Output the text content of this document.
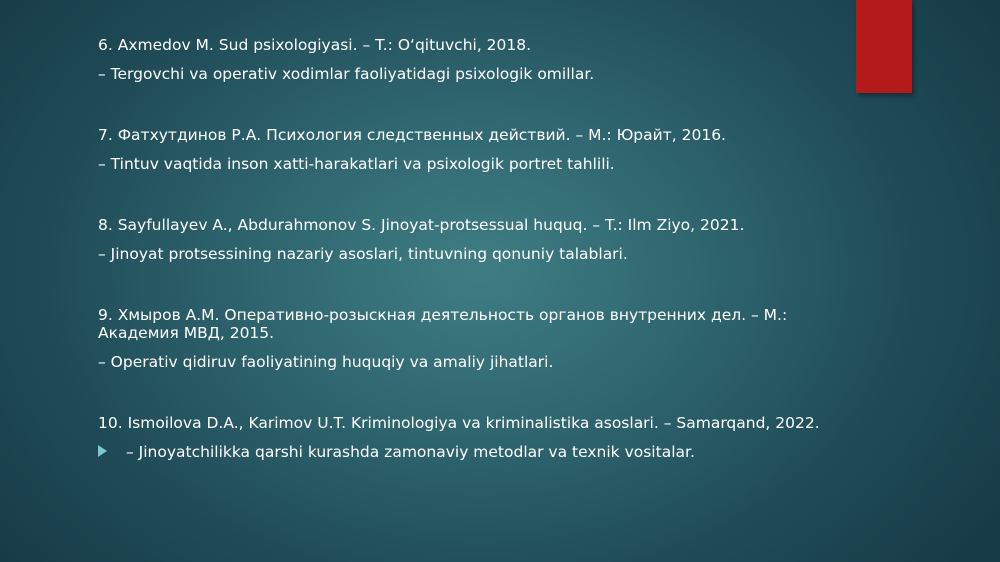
6. Axmedov M. Sud psixologiyasi. – T.: O‘qituvchi, 2018.

– Tergovchi va operativ xodimlar faoliyatidagi psixologik omillar.

7. Фатхутдинов Р.А. Психология следственных действий. – М.: Юрайт, 2016.

– Tintuv vaqtida inson xatti-harakatlari va psixologik portret tahlili.

8. Sayfullayev A., Abdurahmonov S. Jinoyat-protsessual huquq. – T.: Ilm Ziyo, 2021.

– Jinoyat protsessining nazariy asoslari, tintuvning qonuniy talablari.

9. Хмыров А.М. Оперативно-розыскная деятельность органов внутренних дел. – М.: Академия МВД, 2015.

– Operativ qidiruv faoliyatining huquqiy va amaliy jihatlari.

10. Ismoilova D.A., Karimov U.T. Kriminologiya va kriminalistika asoslari. – Samarqand, 2022.

– Jinoyatchilikka qarshi kurashda zamonaviy metodlar va texnik vositalar.
